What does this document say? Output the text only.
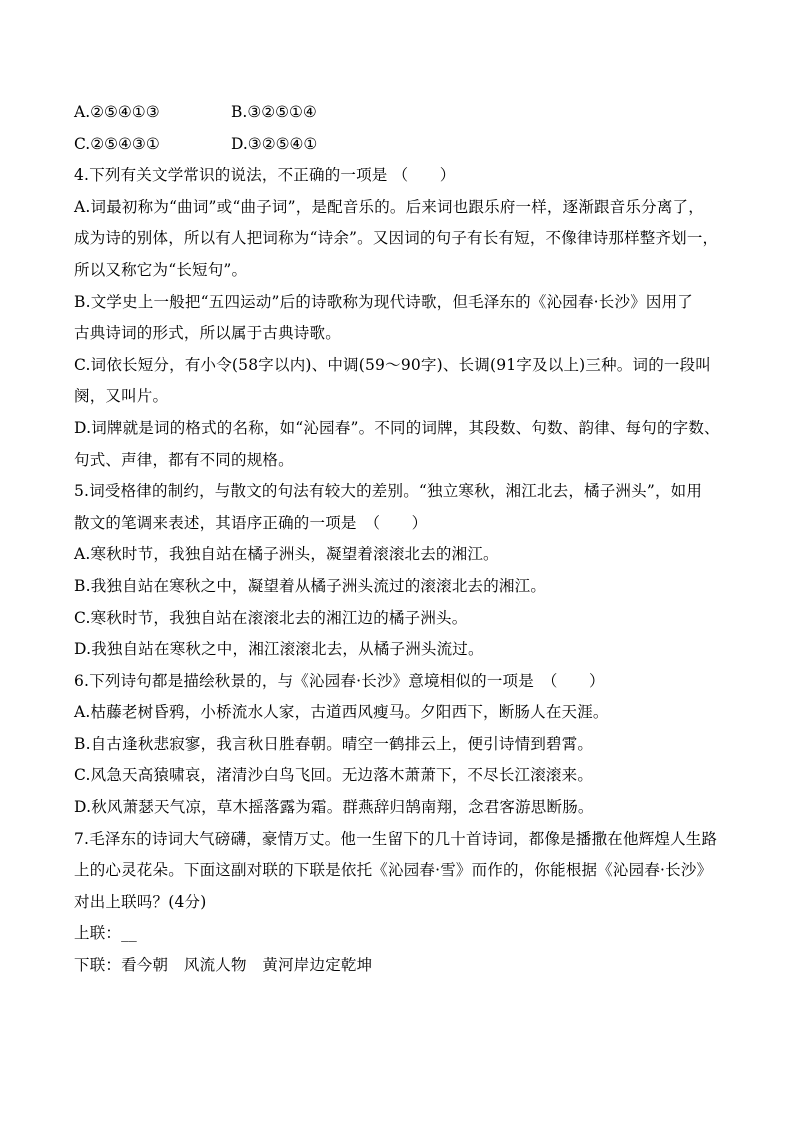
A.②⑤④①③	B.③②⑤①④
C.②⑤④③①	D.③②⑤④①
4.下列有关文学常识的说法，不正确的一项是 （　　）
A.词最初称为“曲词”或“曲子词”，是配音乐的。后来词也跟乐府一样，逐渐跟音乐分离了，
成为诗的别体，所以有人把词称为“诗余”。又因词的句子有长有短，不像律诗那样整齐划一，
所以又称它为“长短句”。
B.文学史上一般把“五四运动”后的诗歌称为现代诗歌，但毛泽东的《沁园春·长沙》因用了
古典诗词的形式，所以属于古典诗歌。
C.词依长短分，有小令(58字以内)、中调(59～90字)、长调(91字及以上)三种。词的一段叫
阕，又叫片。
D.词牌就是词的格式的名称，如“沁园春”。不同的词牌，其段数、句数、韵律、每句的字数、
句式、声律，都有不同的规格。
5.词受格律的制约，与散文的句法有较大的差别。“独立寒秋，湘江北去，橘子洲头”，如用
散文的笔调来表述，其语序正确的一项是　（　　）
A.寒秋时节，我独自站在橘子洲头，凝望着滚滚北去的湘江。
B.我独自站在寒秋之中，凝望着从橘子洲头流过的滚滚北去的湘江。
C.寒秋时节，我独自站在滚滚北去的湘江边的橘子洲头。
D.我独自站在寒秋之中，湘江滚滚北去，从橘子洲头流过。
6.下列诗句都是描绘秋景的，与《沁园春·长沙》意境相似的一项是　（　　）
A.枯藤老树昏鸦，小桥流水人家，古道西风瘦马。夕阳西下，断肠人在天涯。
B.自古逢秋悲寂寥，我言秋日胜春朝。晴空一鹤排云上，便引诗情到碧霄。
C.风急天高猿啸哀，渚清沙白鸟飞回。无边落木萧萧下，不尽长江滚滚来。
D.秋风萧瑟天气凉，草木摇落露为霜。群燕辞归鹄南翔，念君客游思断肠。
7.毛泽东的诗词大气磅礴，豪情万丈。他一生留下的几十首诗词，都像是播撒在他辉煌人生路
上的心灵花朵。下面这副对联的下联是依托《沁园春·雪》而作的，你能根据《沁园春·长沙》
对出上联吗？(4分)
上联：__
下联：看今朝　风流人物　黄河岸边定乾坤
